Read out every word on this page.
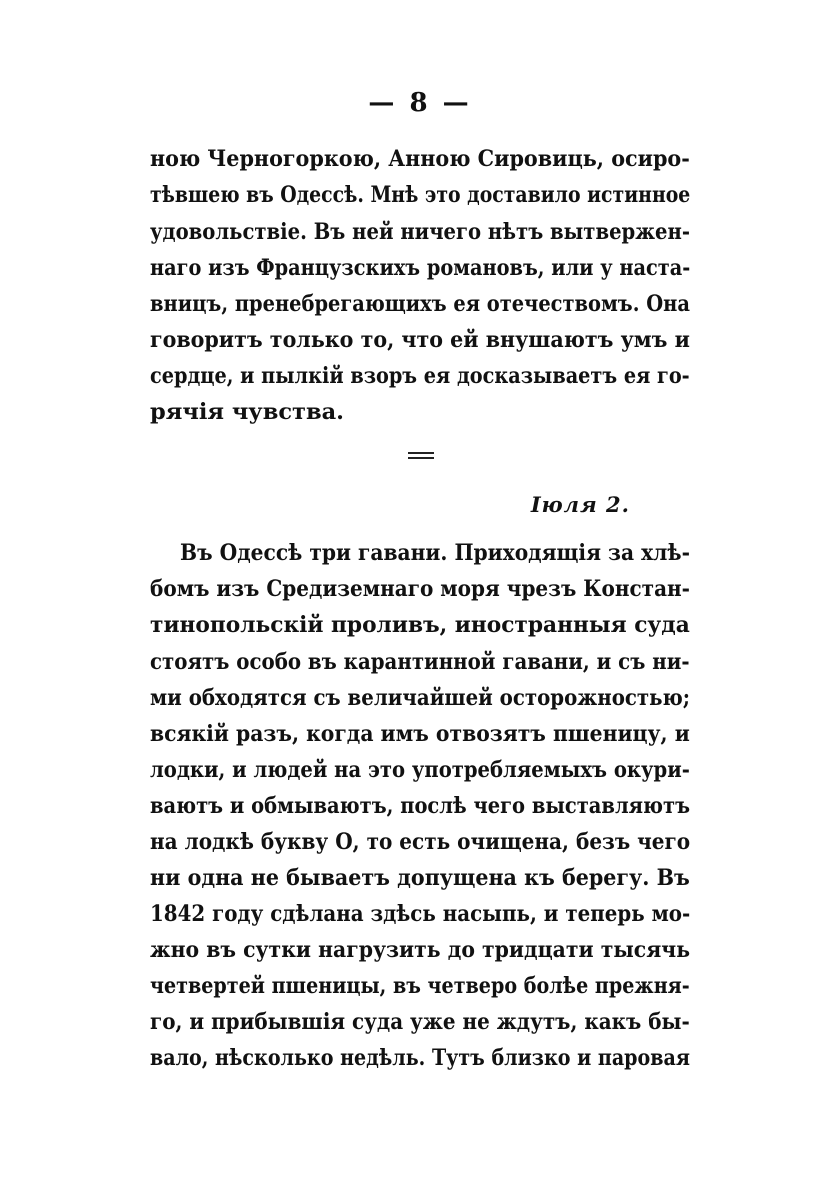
— 8 —
ною Черногоркою, Анною Сировиць, осиро-
тѣвшею въ Одессѣ. Мнѣ это доставило истинное
удовольствіе. Въ ней ничего нѣтъ вытвержен-
наго изъ Французскихъ романовъ, или у наста-
вницъ, пренебрегающихъ ея отечествомъ. Она
говоритъ только то, что ей внушаютъ умъ и
сердце, и пылкій взоръ ея досказываетъ ея го-
рячія чувства.
Іюля 2.
Въ Одессѣ три гавани. Приходящія за хлѣ-
бомъ изъ Средиземнаго моря чрезъ Констан-
тинопольскій проливъ, иностранныя суда
стоятъ особо въ карантинной гавани, и съ ни-
ми обходятся съ величайшей осторожностью;
всякій разъ, когда имъ отвозятъ пшеницу, и
лодки, и людей на это употребляемыхъ окури-
ваютъ и обмываютъ, послѣ чего выставляютъ
на лодкѣ букву О, то есть очищена, безъ чего
ни одна не бываетъ допущена къ берегу. Въ
1842 году сдѣлана здѣсь насыпь, и теперь мо-
жно въ сутки нагрузить до тридцати тысячь
четвертей пшеницы, въ четверо болѣе прежня-
го, и прибывшія суда уже не ждутъ, какъ бы-
вало, нѣсколько недѣль. Тутъ близко и паровая
